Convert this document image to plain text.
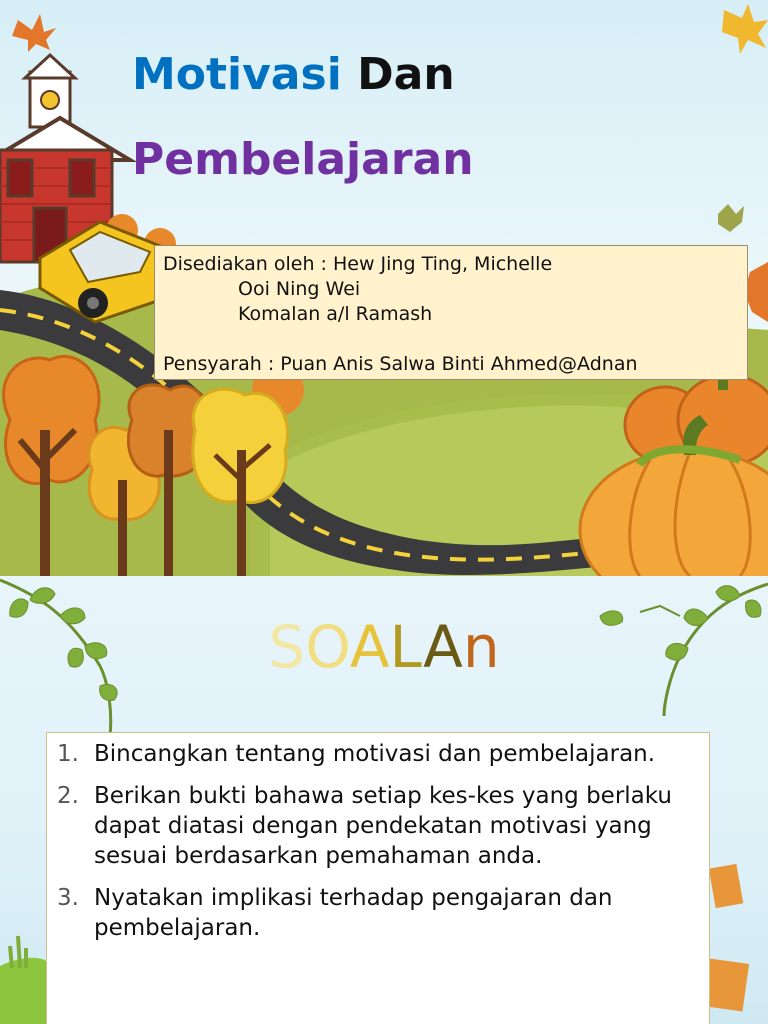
Motivasi Dan
Pembelajaran
Disediakan oleh : Hew Jing Ting, Michelle
Ooi Ning Wei
Komalan a/l Ramash
Pensyarah : Puan Anis Salwa Binti Ahmed@Adnan
SOALAn
1. Bincangkan tentang motivasi dan pembelajaran.
2. Berikan bukti bahawa setiap kes-kes yang berlaku dapat diatasi dengan pendekatan motivasi yang sesuai berdasarkan pemahaman anda.
3. Nyatakan implikasi terhadap pengajaran dan pembelajaran.
